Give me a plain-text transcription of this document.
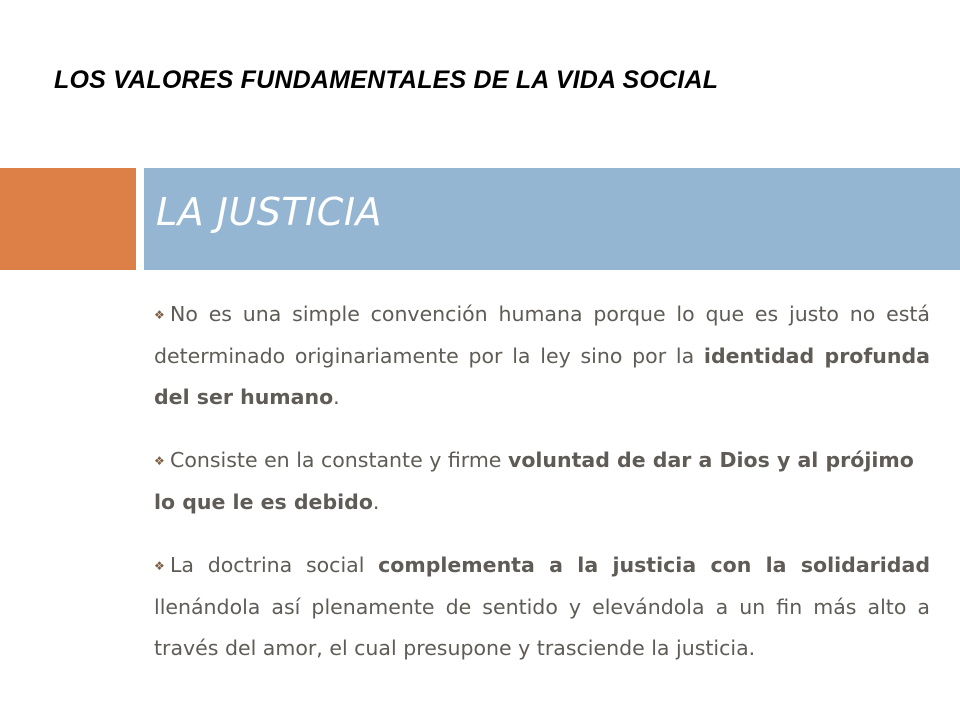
LOS VALORES FUNDAMENTALES DE LA VIDA SOCIAL
LA JUSTICIA

❖ No es una simple convención humana porque lo que es justo no está determinado originariamente por la ley sino por la identidad profunda del ser humano.

❖ Consiste en la constante y firme voluntad de dar a Dios y al prójimo lo que le es debido.

❖ La doctrina social complementa a la justicia con la solidaridad llenándola así plenamente de sentido y elevándola a un fin más alto a través del amor, el cual presupone y trasciende la justicia.
